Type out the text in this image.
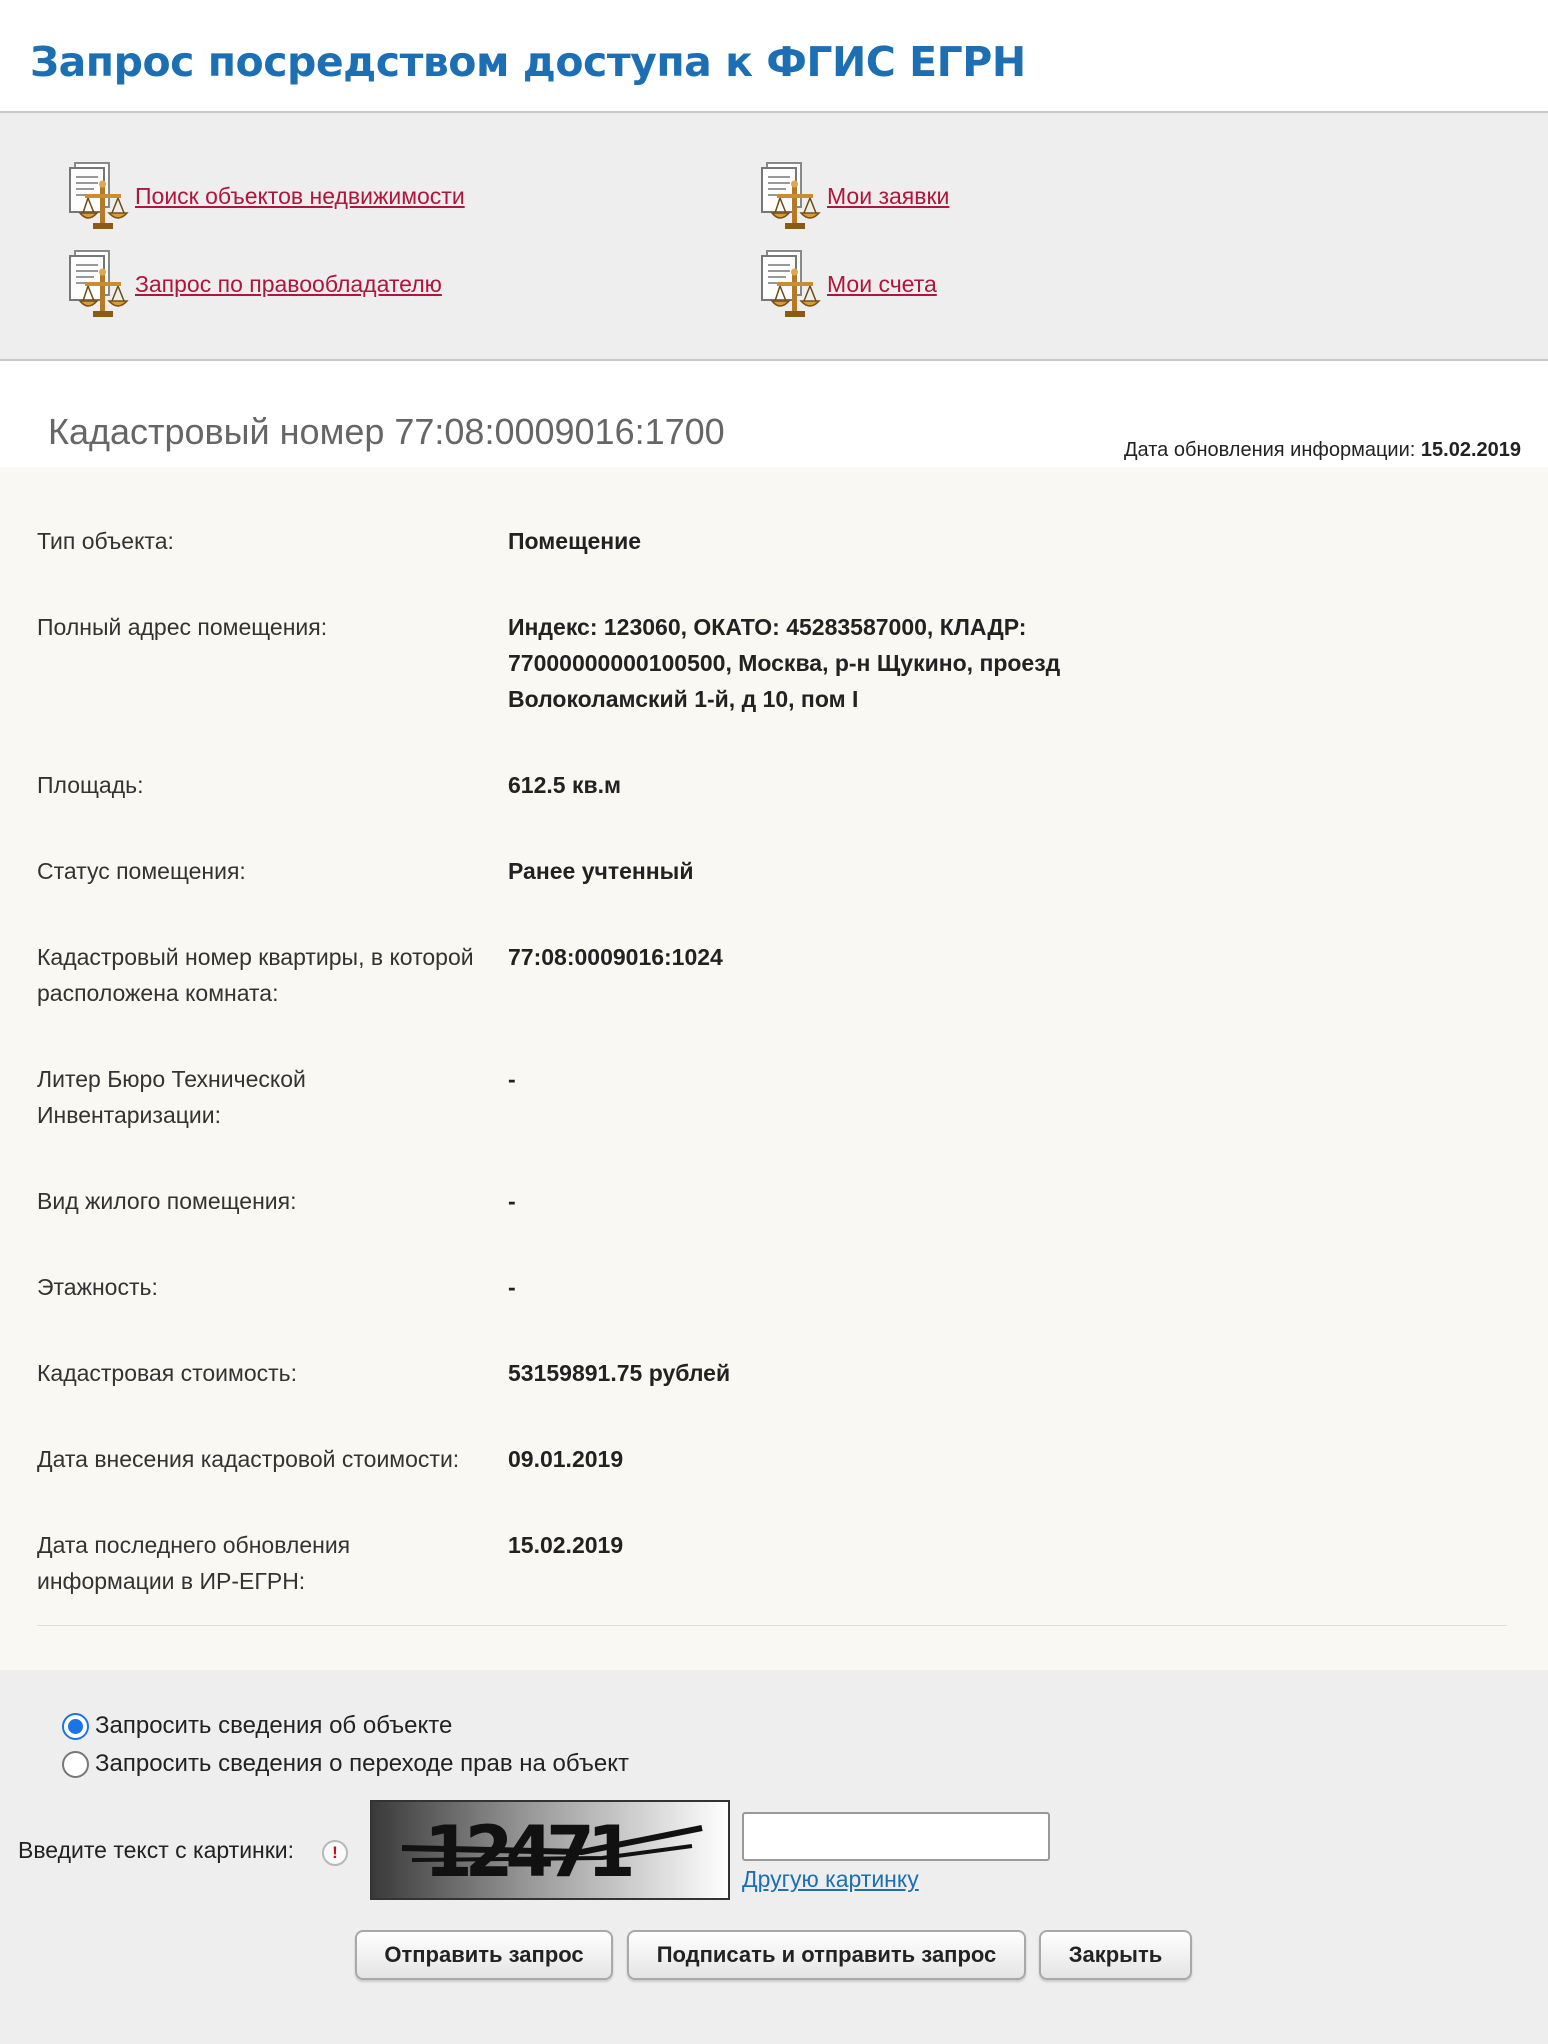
Запрос посредством доступа к ФГИС ЕГРН
Поиск объектов недвижимости	Мои заявки
Запрос по правообладателю	Мои счета
Кадастровый номер 77:08:0009016:1700	Дата обновления информации: 15.02.2019
Тип объекта:	Помещение
Полный адрес помещения:	Индекс: 123060, ОКАТО: 45283587000, КЛАДР: 77000000000100500, Москва, р-н Щукино, проезд Волоколамский 1-й, д 10, пом I
Площадь:	612.5 кв.м
Статус помещения:	Ранее учтенный
Кадастровый номер квартиры, в которой расположена комната:
77:08:0009016:1024
Литер Бюро Технической Инвентаризации:
-
Вид жилого помещения:	-
Этажность:	-
Кадастровая стоимость:	53159891.75 рублей
Дата внесения кадастровой стоимости:	09.01.2019
Дата последнего обновления информации в ИР-ЕГРН:
15.02.2019
Запросить сведения об объекте
Запросить сведения о переходе прав на объект
Введите текст с картинки:	! 12471	Другую картинку
Отправить запрос	Подписать и отправить запрос	Закрыть
